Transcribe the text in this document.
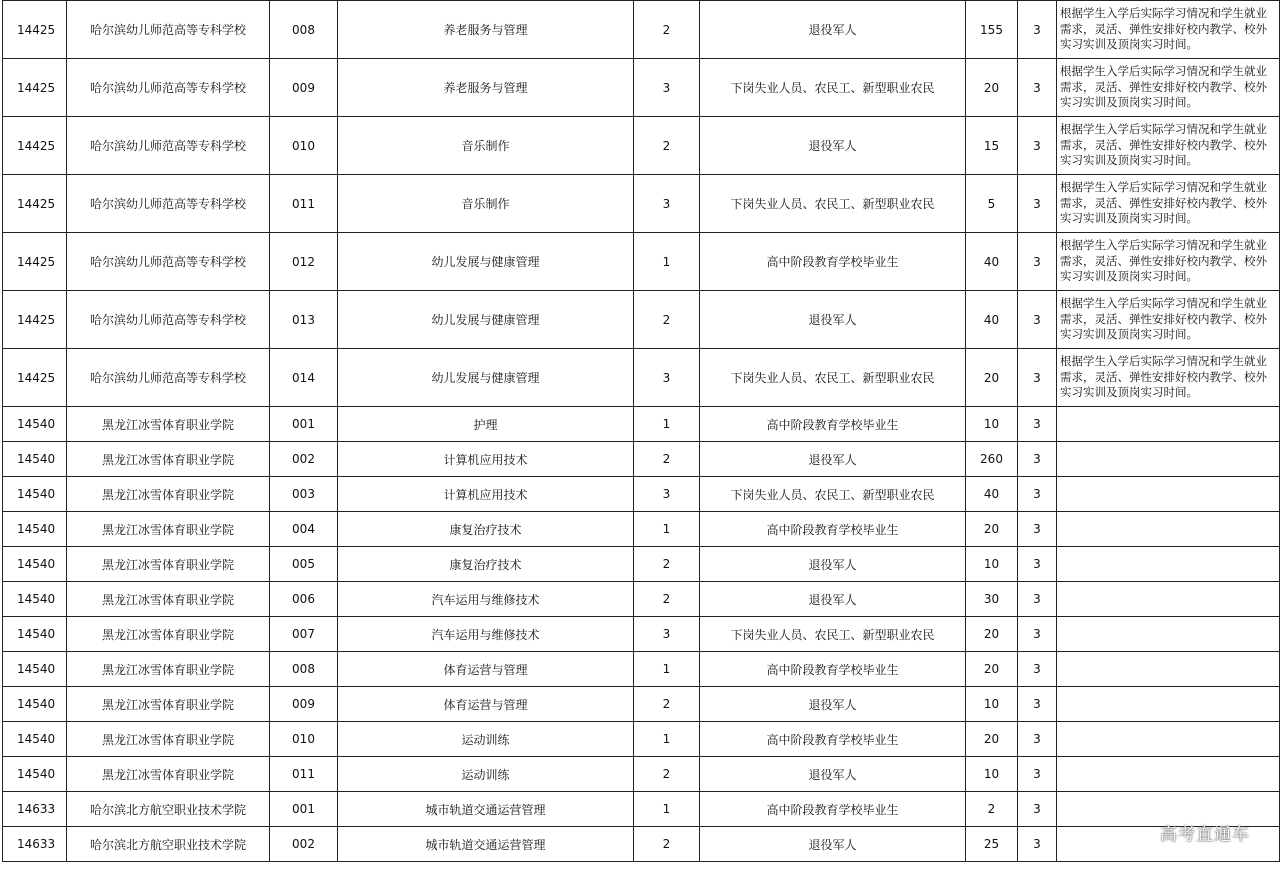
14425	哈尔滨幼儿师范高等专科学校	008	养老服务与管理	2	退役军人	155	3	根据学生入学后实际学习情况和学生就业需求，灵活、弹性安排好校内教学、校外实习实训及顶岗实习时间。
14425	哈尔滨幼儿师范高等专科学校	009	养老服务与管理	3	下岗失业人员、农民工、新型职业农民	20	3	根据学生入学后实际学习情况和学生就业需求，灵活、弹性安排好校内教学、校外实习实训及顶岗实习时间。
14425	哈尔滨幼儿师范高等专科学校	010	音乐制作	2	退役军人	15	3	根据学生入学后实际学习情况和学生就业需求，灵活、弹性安排好校内教学、校外实习实训及顶岗实习时间。
14425	哈尔滨幼儿师范高等专科学校	011	音乐制作	3	下岗失业人员、农民工、新型职业农民	5	3	根据学生入学后实际学习情况和学生就业需求，灵活、弹性安排好校内教学、校外实习实训及顶岗实习时间。
14425	哈尔滨幼儿师范高等专科学校	012	幼儿发展与健康管理	1	高中阶段教育学校毕业生	40	3	根据学生入学后实际学习情况和学生就业需求，灵活、弹性安排好校内教学、校外实习实训及顶岗实习时间。
14425	哈尔滨幼儿师范高等专科学校	013	幼儿发展与健康管理	2	退役军人	40	3	根据学生入学后实际学习情况和学生就业需求，灵活、弹性安排好校内教学、校外实习实训及顶岗实习时间。
14425	哈尔滨幼儿师范高等专科学校	014	幼儿发展与健康管理	3	下岗失业人员、农民工、新型职业农民	20	3	根据学生入学后实际学习情况和学生就业需求，灵活、弹性安排好校内教学、校外实习实训及顶岗实习时间。
14540	黑龙江冰雪体育职业学院	001	护理	1	高中阶段教育学校毕业生	10	3	
14540	黑龙江冰雪体育职业学院	002	计算机应用技术	2	退役军人	260	3	
14540	黑龙江冰雪体育职业学院	003	计算机应用技术	3	下岗失业人员、农民工、新型职业农民	40	3	
14540	黑龙江冰雪体育职业学院	004	康复治疗技术	1	高中阶段教育学校毕业生	20	3	
14540	黑龙江冰雪体育职业学院	005	康复治疗技术	2	退役军人	10	3	
14540	黑龙江冰雪体育职业学院	006	汽车运用与维修技术	2	退役军人	30	3	
14540	黑龙江冰雪体育职业学院	007	汽车运用与维修技术	3	下岗失业人员、农民工、新型职业农民	20	3	
14540	黑龙江冰雪体育职业学院	008	体育运营与管理	1	高中阶段教育学校毕业生	20	3	
14540	黑龙江冰雪体育职业学院	009	体育运营与管理	2	退役军人	10	3	
14540	黑龙江冰雪体育职业学院	010	运动训练	1	高中阶段教育学校毕业生	20	3	
14540	黑龙江冰雪体育职业学院	011	运动训练	2	退役军人	10	3	
14633	哈尔滨北方航空职业技术学院	001	城市轨道交通运营管理	1	高中阶段教育学校毕业生	2	3	
14633	哈尔滨北方航空职业技术学院	002	城市轨道交通运营管理	2	退役军人	25	3		高考直通车
